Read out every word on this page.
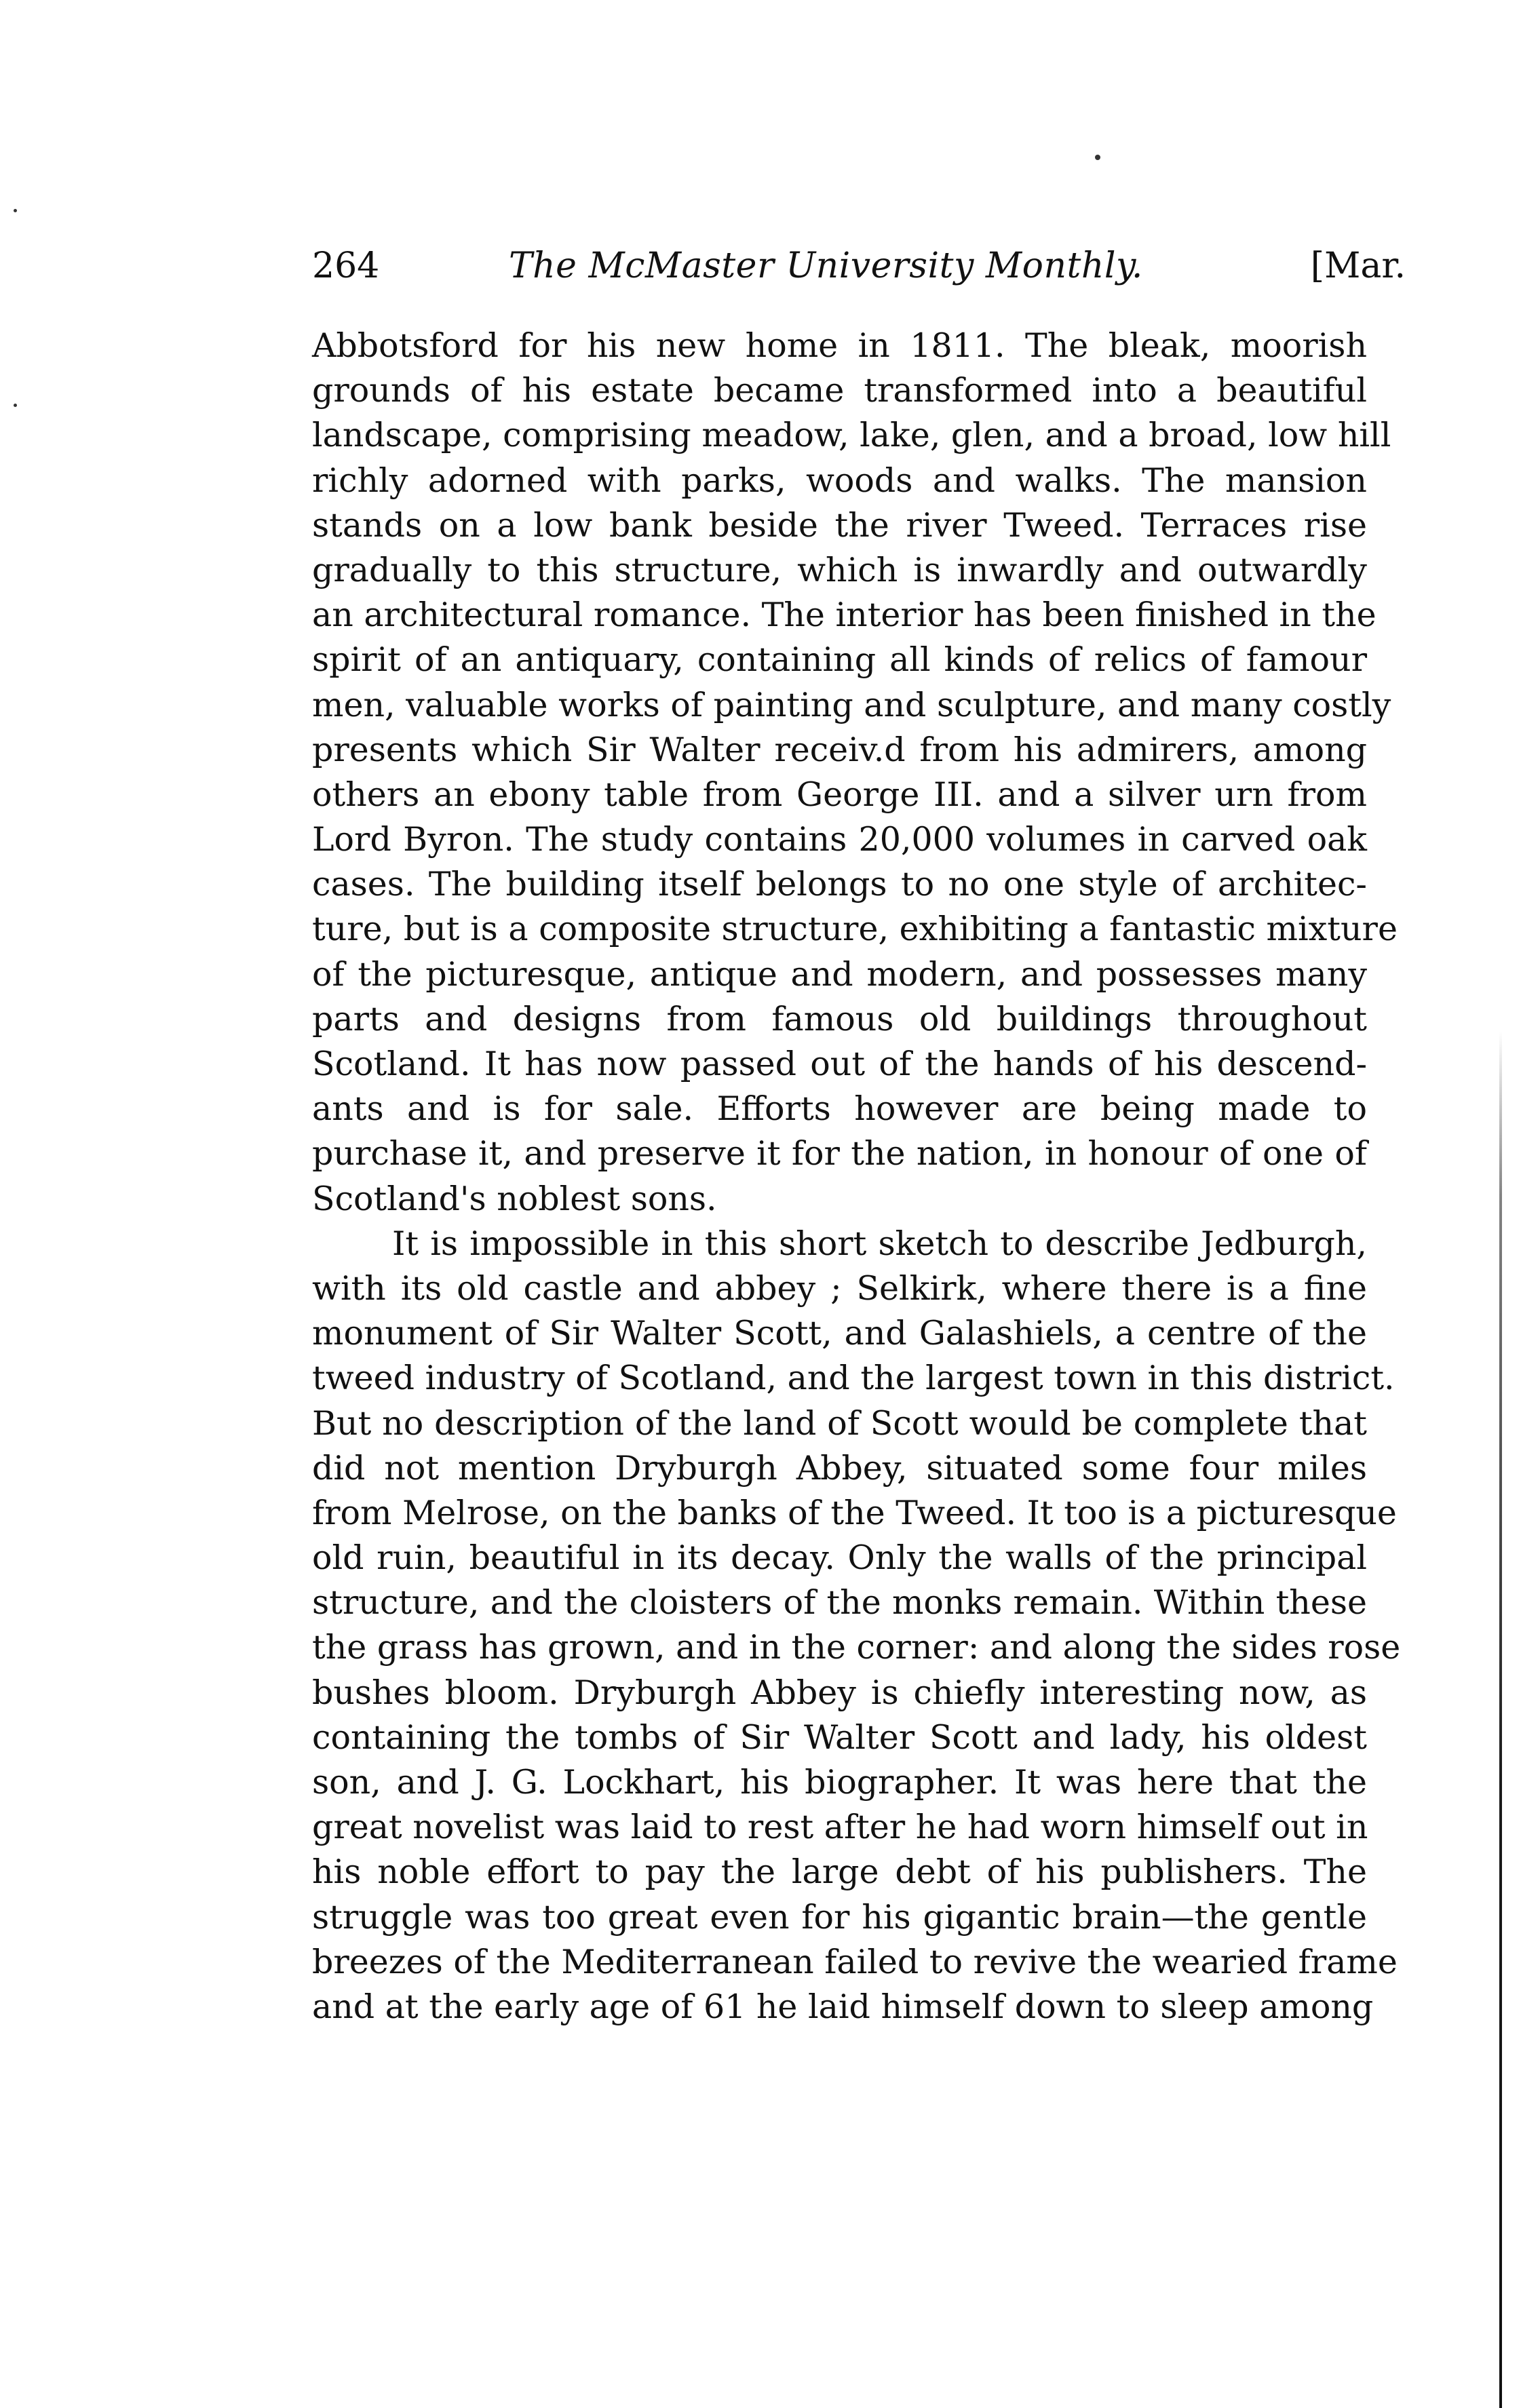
264	The McMaster University Monthly.	[Mar.
Abbotsford for his new home in 1811. The bleak, moorish
grounds of his estate became transformed into a beautiful
landscape, comprising meadow, lake, glen, and a broad, low hill
richly adorned with parks, woods and walks. The mansion
stands on a low bank beside the river Tweed. Terraces rise
gradually to this structure, which is inwardly and outwardly
an architectural romance. The interior has been finished in the
spirit of an antiquary, containing all kinds of relics of famour
men, valuable works of painting and sculpture, and many costly
presents which Sir Walter receiv.d from his admirers, among
others an ebony table from George III. and a silver urn from
Lord Byron. The study contains 20,000 volumes in carved oak
cases. The building itself belongs to no one style of architec-
ture, but is a composite structure, exhibiting a fantastic mixture
of the picturesque, antique and modern, and possesses many
parts and designs from famous old buildings throughout
Scotland. It has now passed out of the hands of his descend-
ants and is for sale. Efforts however are being made to
purchase it, and preserve it for the nation, in honour of one of
Scotland's noblest sons.
It is impossible in this short sketch to describe Jedburgh,
with its old castle and abbey ; Selkirk, where there is a fine
monument of Sir Walter Scott, and Galashiels, a centre of the
tweed industry of Scotland, and the largest town in this district.
But no description of the land of Scott would be complete that
did not mention Dryburgh Abbey, situated some four miles
from Melrose, on the banks of the Tweed. It too is a picturesque
old ruin, beautiful in its decay. Only the walls of the principal
structure, and the cloisters of the monks remain. Within these
the grass has grown, and in the corner: and along the sides rose
bushes bloom. Dryburgh Abbey is chiefly interesting now, as
containing the tombs of Sir Walter Scott and lady, his oldest
son, and J. G. Lockhart, his biographer. It was here that the
great novelist was laid to rest after he had worn himself out in
his noble effort to pay the large debt of his publishers. The
struggle was too great even for his gigantic brain—the gentle
breezes of the Mediterranean failed to revive the wearied frame
and at the early age of 61 he laid himself down to sleep among
